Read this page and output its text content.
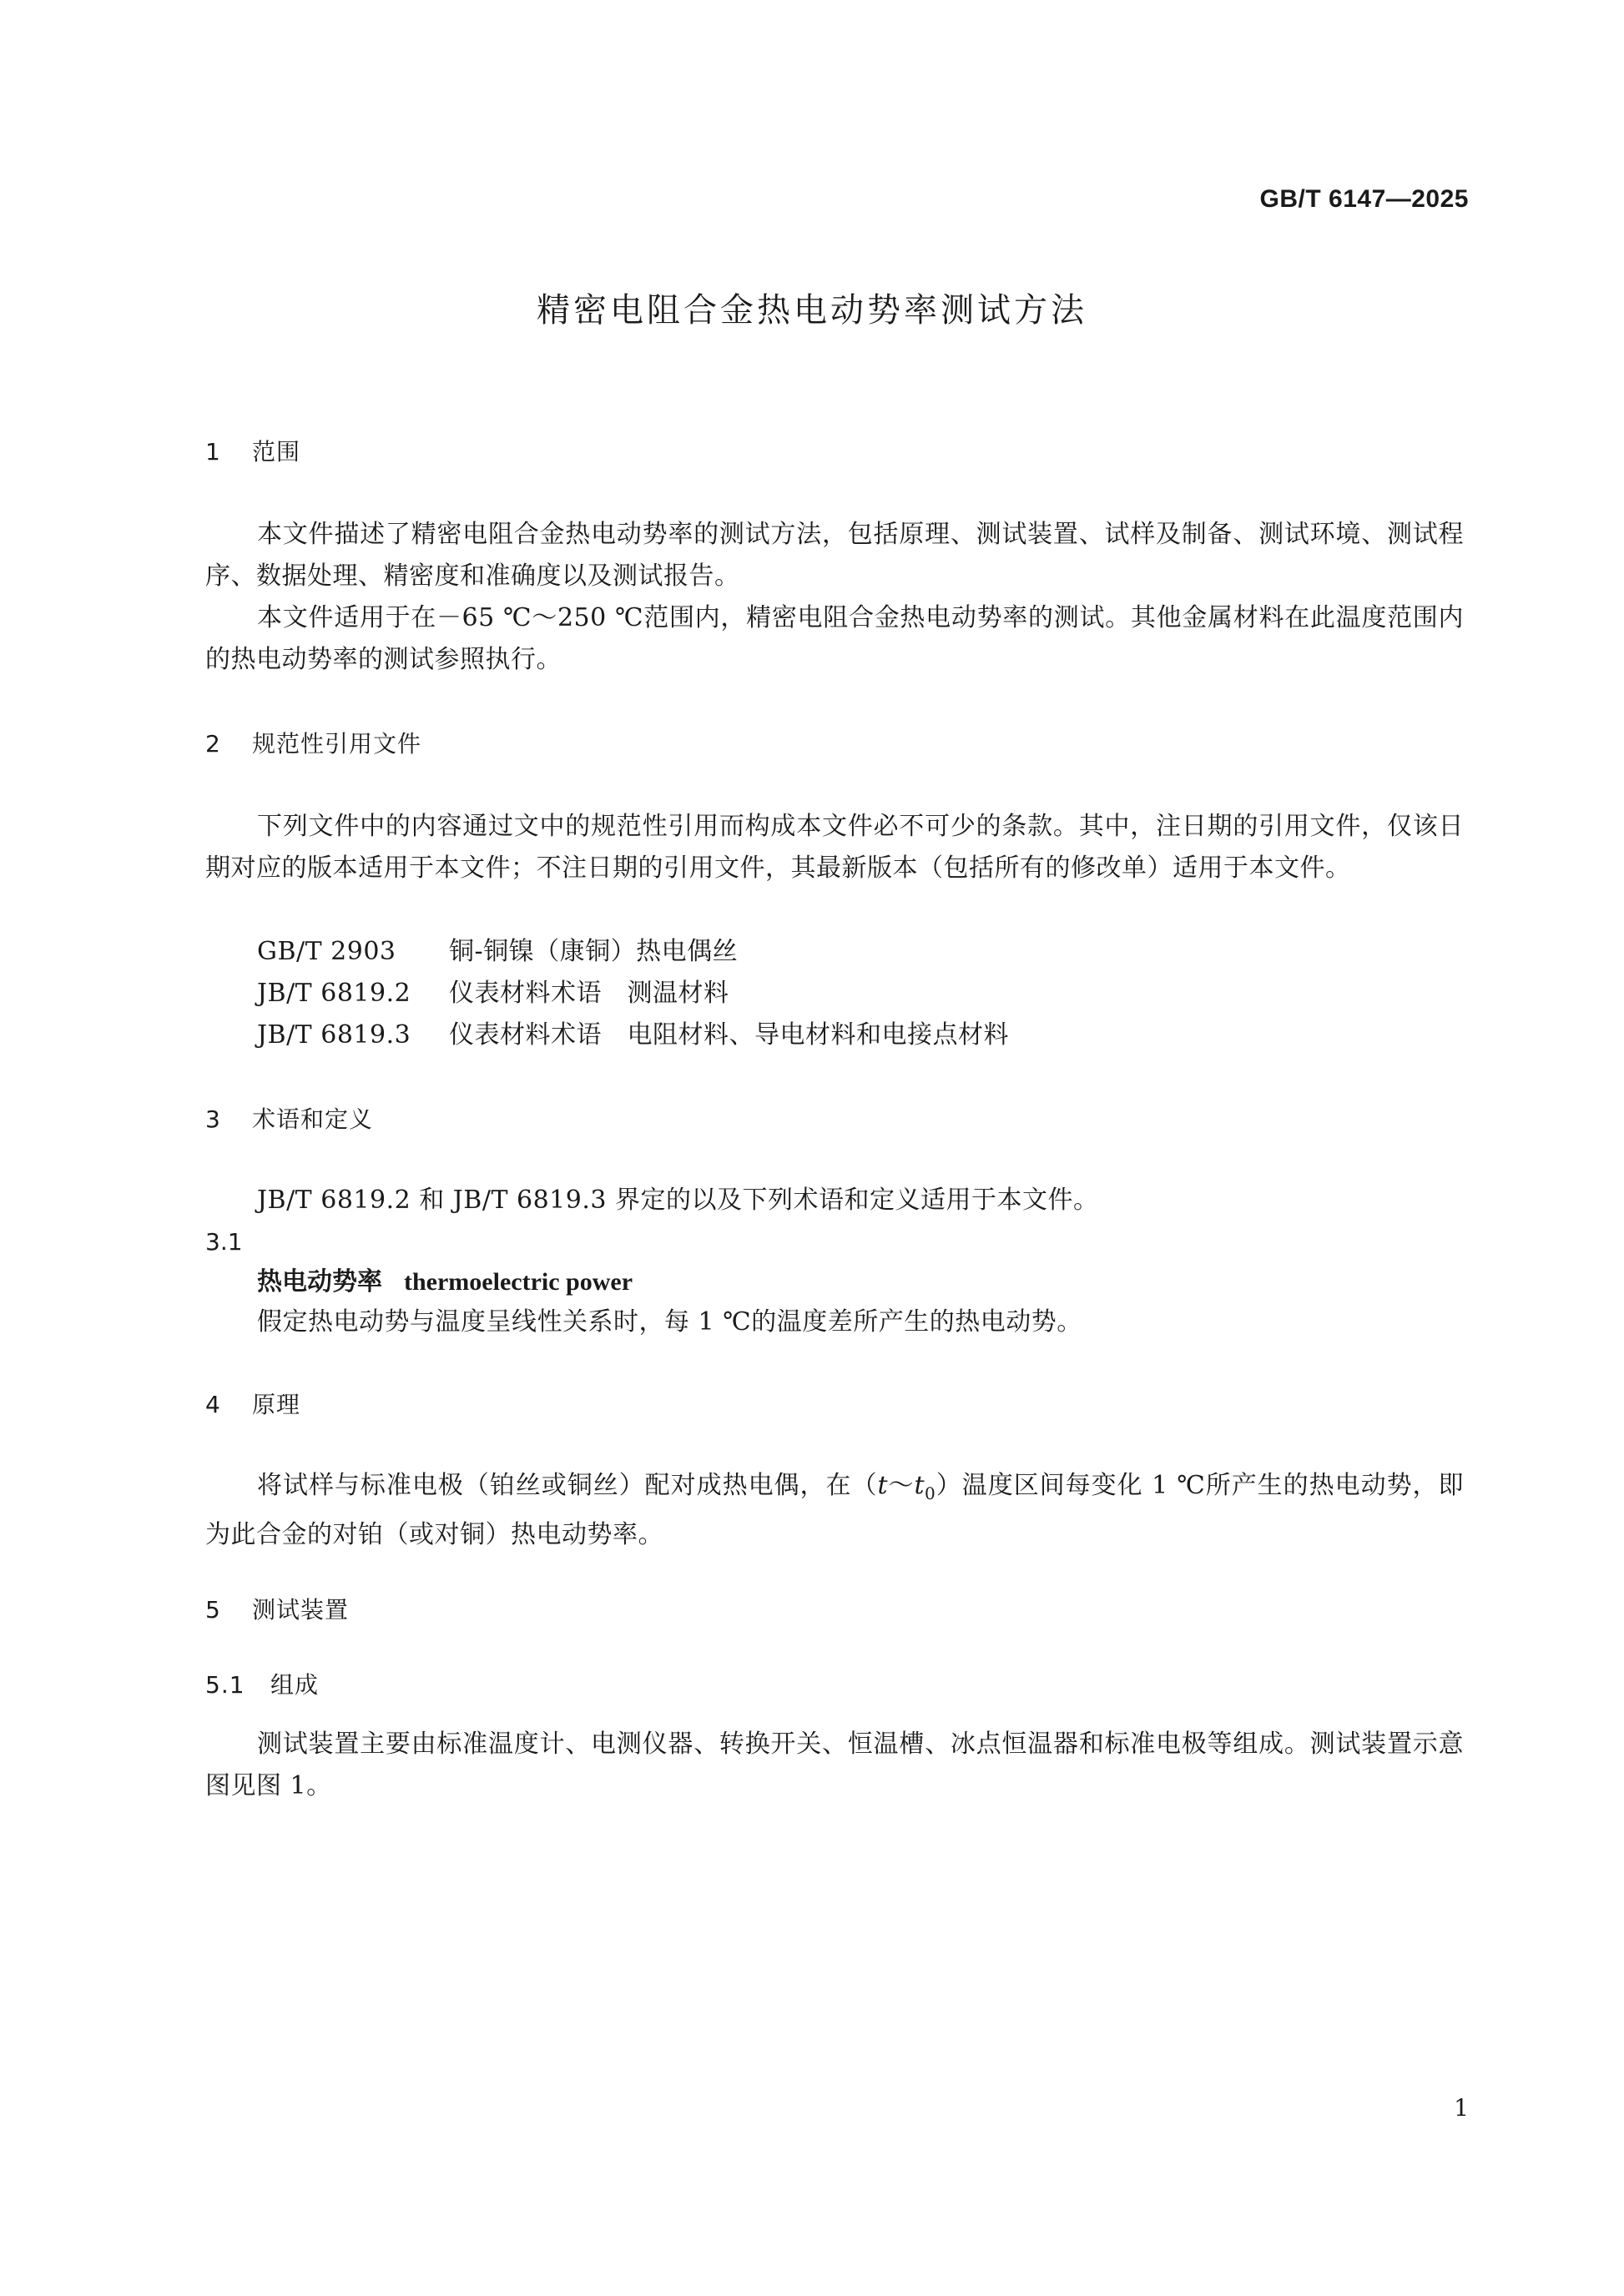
GB/T 6147—2025
精密电阻合金热电动势率测试方法
1 范围
本文件描述了精密电阻合金热电动势率的测试方法，包括原理、测试装置、试样及制备、测试环境、测试程序、数据处理、精密度和准确度以及测试报告。
本文件适用于在－65 ℃～250 ℃范围内，精密电阻合金热电动势率的测试。其他金属材料在此温度范围内的热电动势率的测试参照执行。
2 规范性引用文件
下列文件中的内容通过文中的规范性引用而构成本文件必不可少的条款。其中，注日期的引用文件，仅该日期对应的版本适用于本文件；不注日期的引用文件，其最新版本（包括所有的修改单）适用于本文件。
GB/T 2903 铜-铜镍（康铜）热电偶丝
JB/T 6819.2 仪表材料术语　测温材料
JB/T 6819.3 仪表材料术语　电阻材料、导电材料和电接点材料
3 术语和定义
JB/T 6819.2 和 JB/T 6819.3 界定的以及下列术语和定义适用于本文件。
3.1
热电动势率 thermoelectric power
假定热电动势与温度呈线性关系时，每 1 ℃的温度差所产生的热电动势。
4 原理
将试样与标准电极（铂丝或铜丝）配对成热电偶，在$(t\sim t_0)$温度区间每变化 1 ℃所产生的热电动势，即为此合金的对铂（或对铜）热电动势率。
5 测试装置
5.1 组成
测试装置主要由标准温度计、电测仪器、转换开关、恒温槽、冰点恒温器和标准电极等组成。测试装置示意图见图 1。
1
